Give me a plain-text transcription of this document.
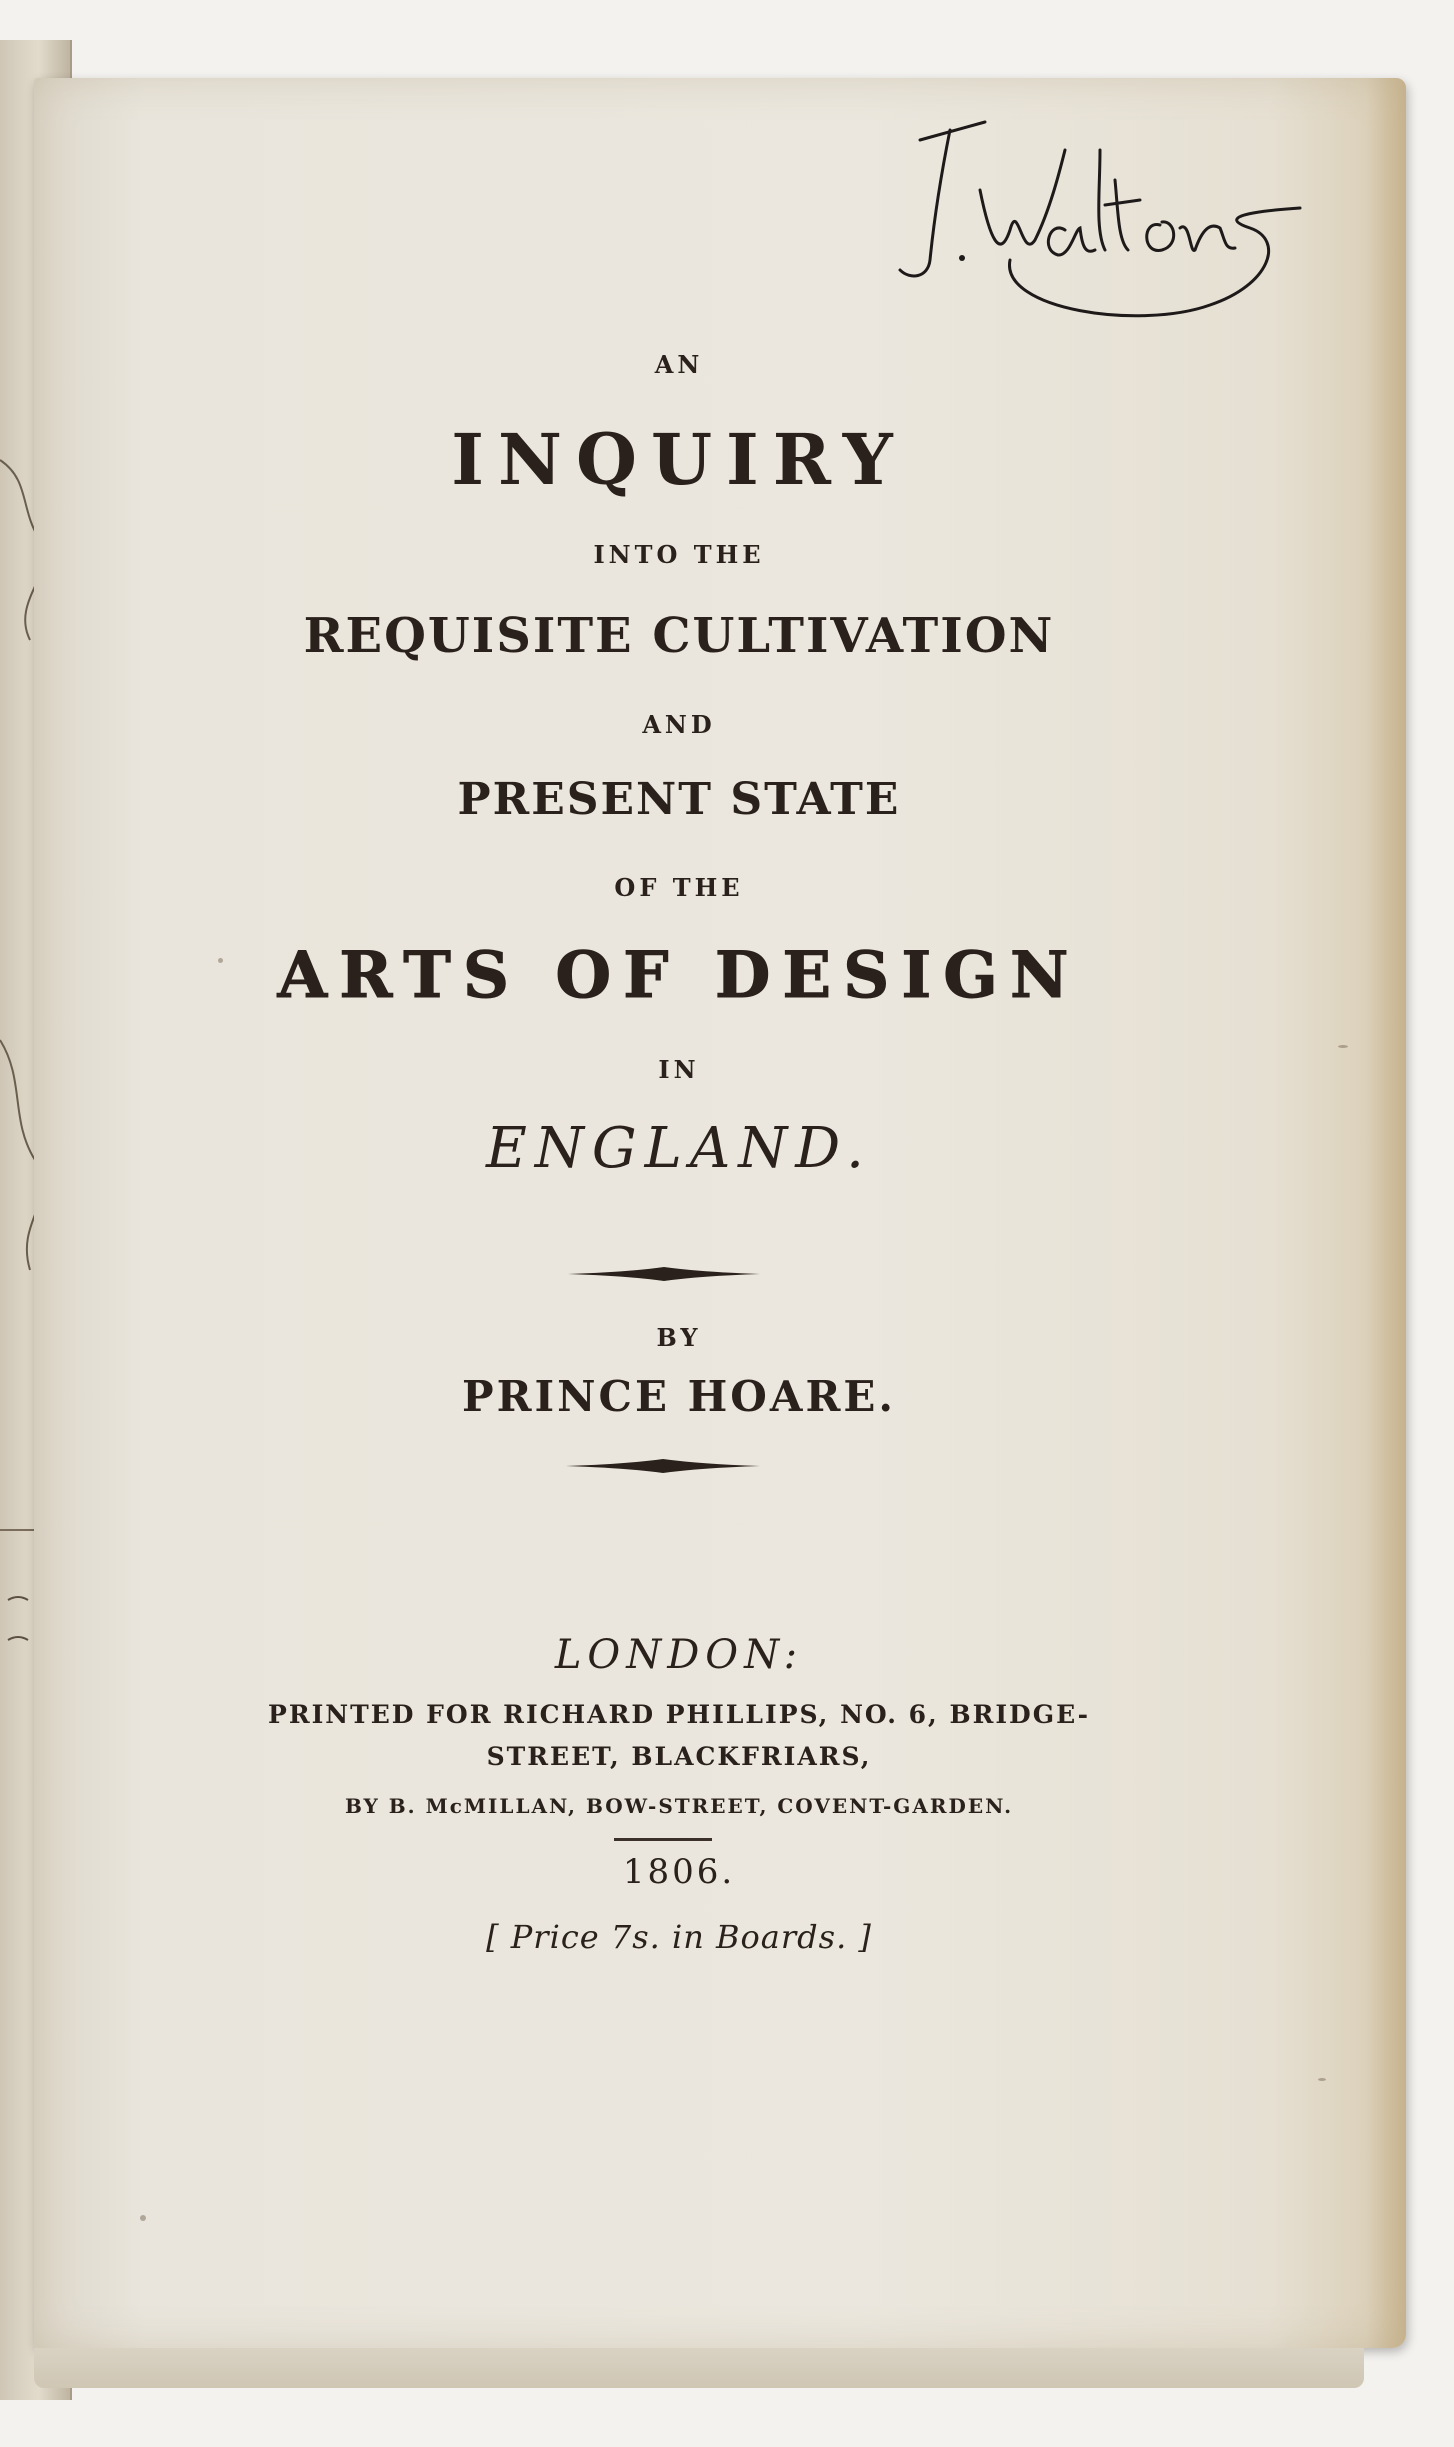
AN
INQUIRY
INTO THE
REQUISITE CULTIVATION
AND
PRESENT STATE
OF THE
ARTS OF DESIGN
IN
ENGLAND.
BY
PRINCE HOARE.
LONDON:
PRINTED FOR RICHARD PHILLIPS, NO. 6, BRIDGE-
STREET, BLACKFRIARS,
BY B. McMILLAN, BOW-STREET, COVENT-GARDEN.
1806.
[ Price 7s. in Boards. ]
